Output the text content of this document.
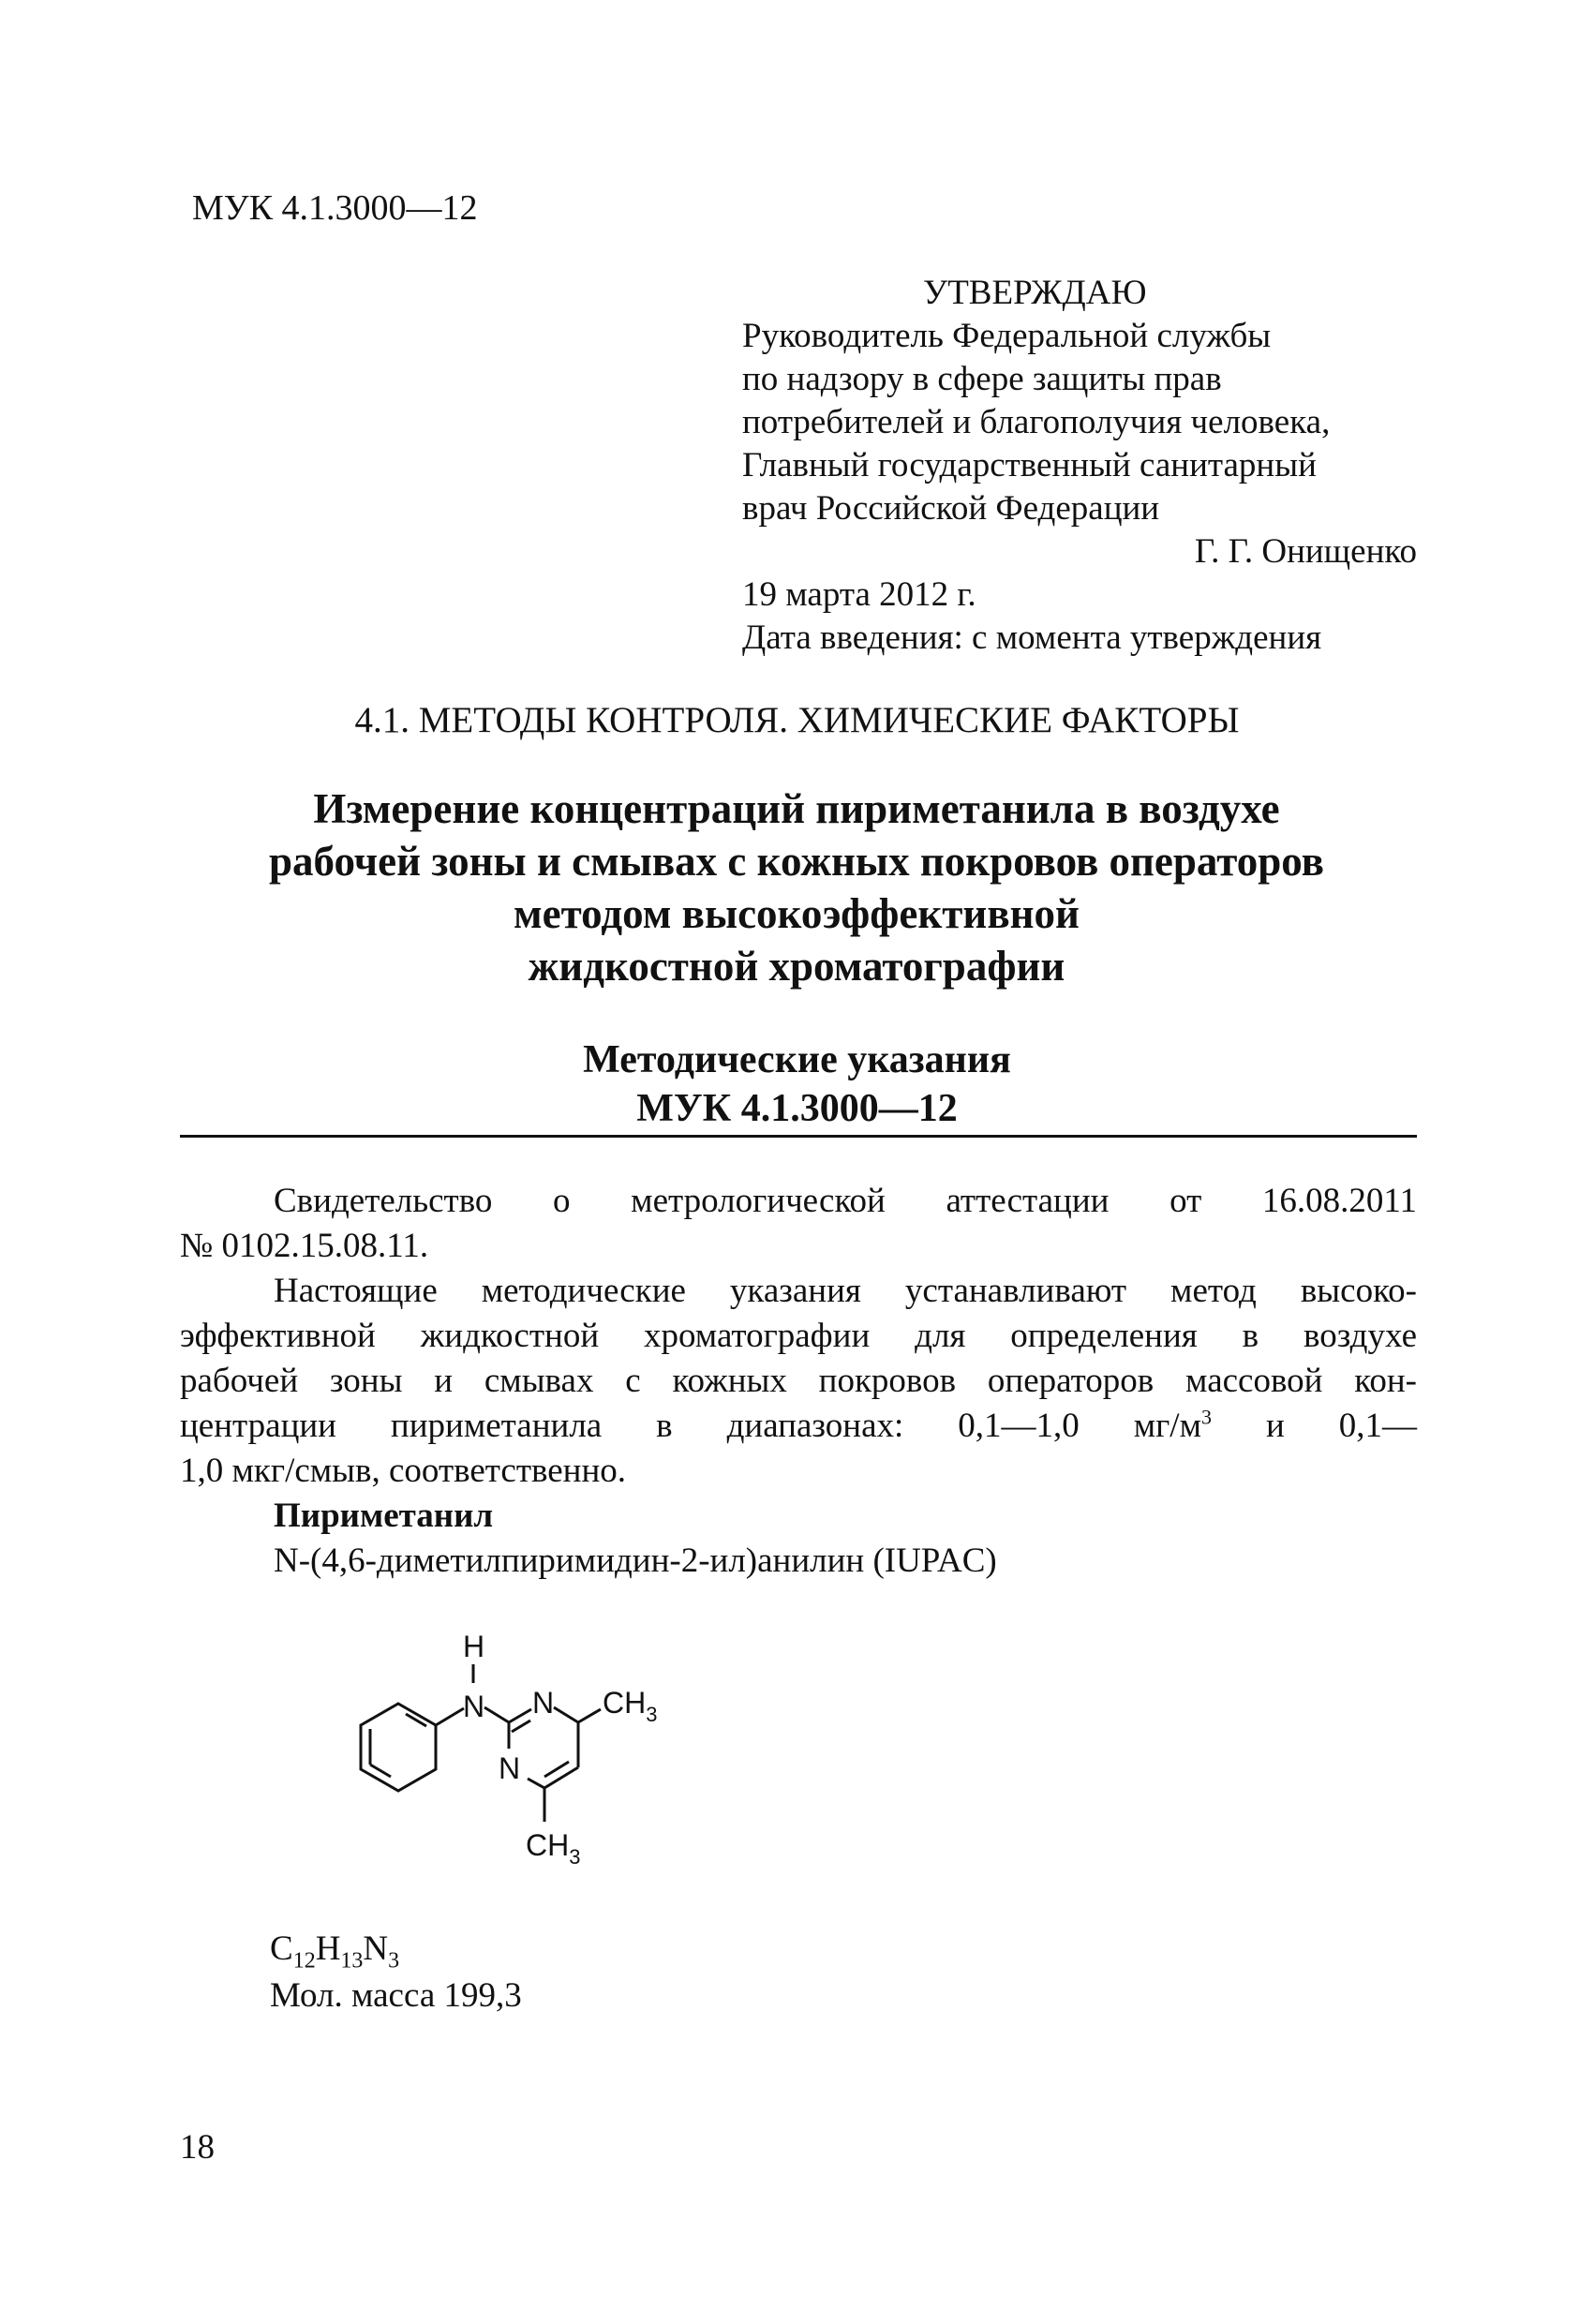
МУК 4.1.3000—12
УТВЕРЖДАЮ
Руководитель Федеральной службы
по надзору в сфере защиты прав
потребителей и благополучия человека,
Главный государственный санитарный
врач Российской Федерации
Г. Г. Онищенко
19 марта 2012 г.
Дата введения: с момента утверждения
4.1. МЕТОДЫ КОНТРОЛЯ. ХИМИЧЕСКИЕ ФАКТОРЫ
Измерение концентраций пириметанила в воздухе
рабочей зоны и смывах с кожных покровов операторов
методом высокоэффективной
жидкостной хроматографии
Методические указания
МУК 4.1.3000—12
Свидетельство о метрологической аттестации от 16.08.2011
№ 0102.15.08.11.
Настоящие методические указания устанавливают метод высоко-
эффективной жидкостной хроматографии для определения в воздухе
рабочей зоны и смывах с кожных покровов операторов массовой кон-
центрации пириметанила в диапазонах: 0,1—1,0 $мг/м^3$ и 0,1—
1,0 мкг/смыв, соответственно.
Пириметанил
N-(4,6-диметилпиримидин-2-ил)анилин (IUPAC)
H
N N
N
$CH_3$
$CH_3$
$C_{12}H_{13}N_3$
Мол. масса 199,3
18
